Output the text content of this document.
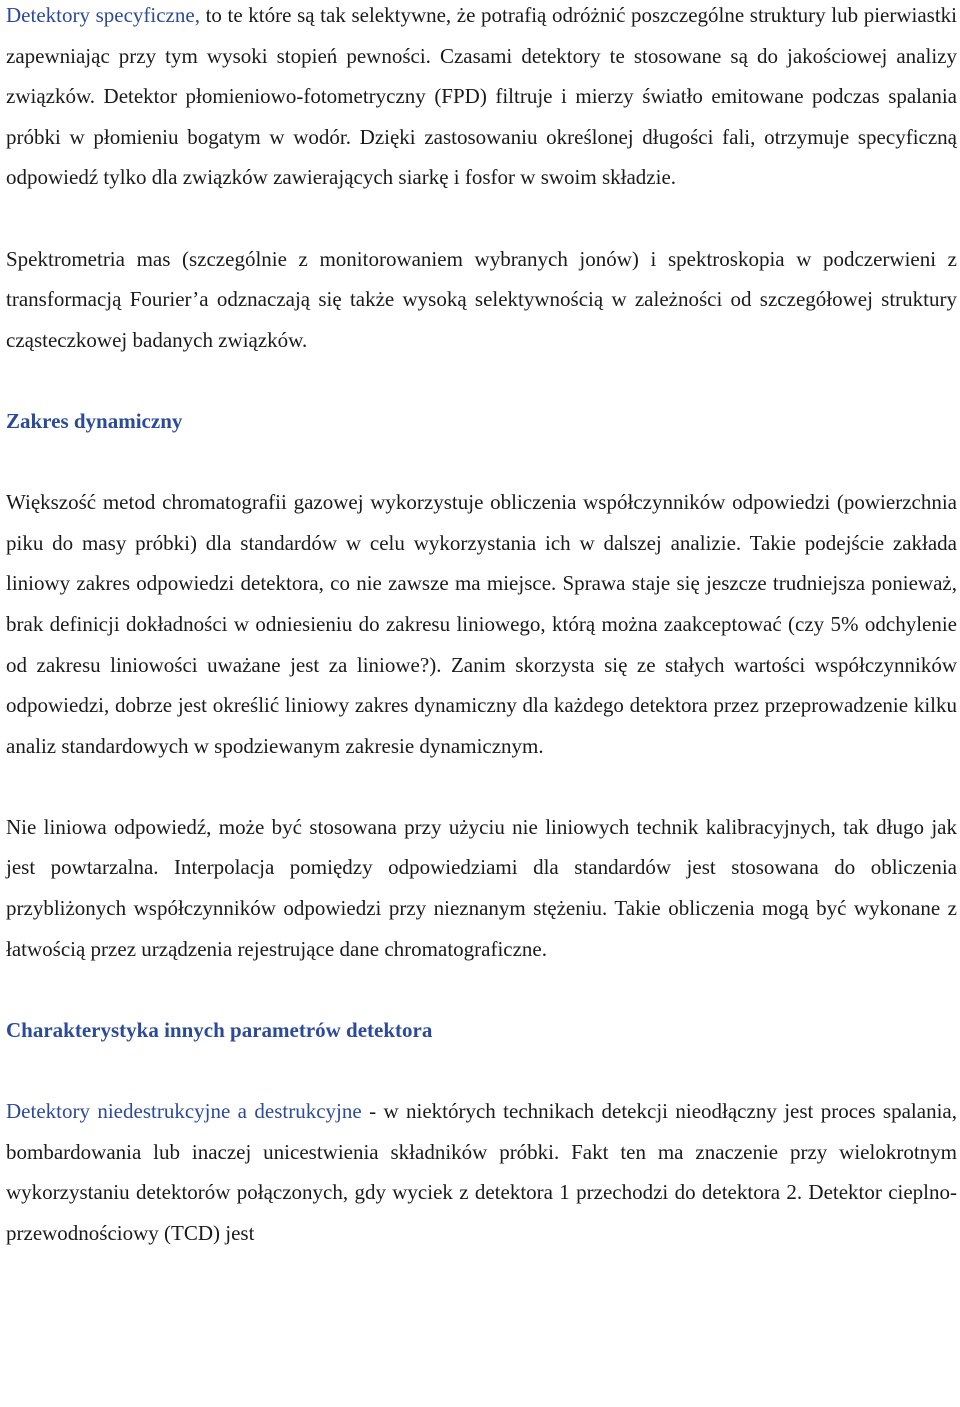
Detektory specyficzne, to te które są tak selektywne, że potrafią odróżnić poszczególne struktury lub pierwiastki zapewniając przy tym wysoki stopień pewności. Czasami detektory te stosowane są do jakościowej analizy związków. Detektor płomieniowo-fotometryczny (FPD) filtruje i mierzy światło emitowane podczas spalania próbki w płomieniu bogatym w wodór. Dzięki zastosowaniu określonej długości fali, otrzymuje specyficzną odpowiedź tylko dla związków zawierających siarkę i fosfor w swoim składzie.

Spektrometria mas (szczególnie z monitorowaniem wybranych jonów) i spektroskopia w podczerwieni z transformacją Fourier’a odznaczają się także wysoką selektywnością w zależności od szczegółowej struktury cząsteczkowej badanych związków.

Zakres dynamiczny

Większość metod chromatografii gazowej wykorzystuje obliczenia współczynników odpowiedzi (powierzchnia piku do masy próbki) dla standardów w celu wykorzystania ich w dalszej analizie. Takie podejście zakłada liniowy zakres odpowiedzi detektora, co nie zawsze ma miejsce. Sprawa staje się jeszcze trudniejsza ponieważ, brak definicji dokładności w odniesieniu do zakresu liniowego, którą można zaakceptować (czy 5% odchylenie od zakresu liniowości uważane jest za liniowe?). Zanim skorzysta się ze stałych wartości współczynników odpowiedzi, dobrze jest określić liniowy zakres dynamiczny dla każdego detektora przez przeprowadzenie kilku analiz standardowych w spodziewanym zakresie dynamicznym.

Nie liniowa odpowiedź, może być stosowana przy użyciu nie liniowych technik kalibracyjnych, tak długo jak jest powtarzalna. Interpolacja pomiędzy odpowiedziami dla standardów jest stosowana do obliczenia przybliżonych współczynników odpowiedzi przy nieznanym stężeniu. Takie obliczenia mogą być wykonane z łatwością przez urządzenia rejestrujące dane chromatograficzne.

Charakterystyka innych parametrów detektora

Detektory niedestrukcyjne a destrukcyjne - w niektórych technikach detekcji nieodłączny jest proces spalania, bombardowania lub inaczej unicestwienia składników próbki. Fakt ten ma znaczenie przy wielokrotnym wykorzystaniu detektorów połączonych, gdy wyciek z detektora 1 przechodzi do detektora 2. Detektor cieplno-przewodnościowy (TCD) jest
